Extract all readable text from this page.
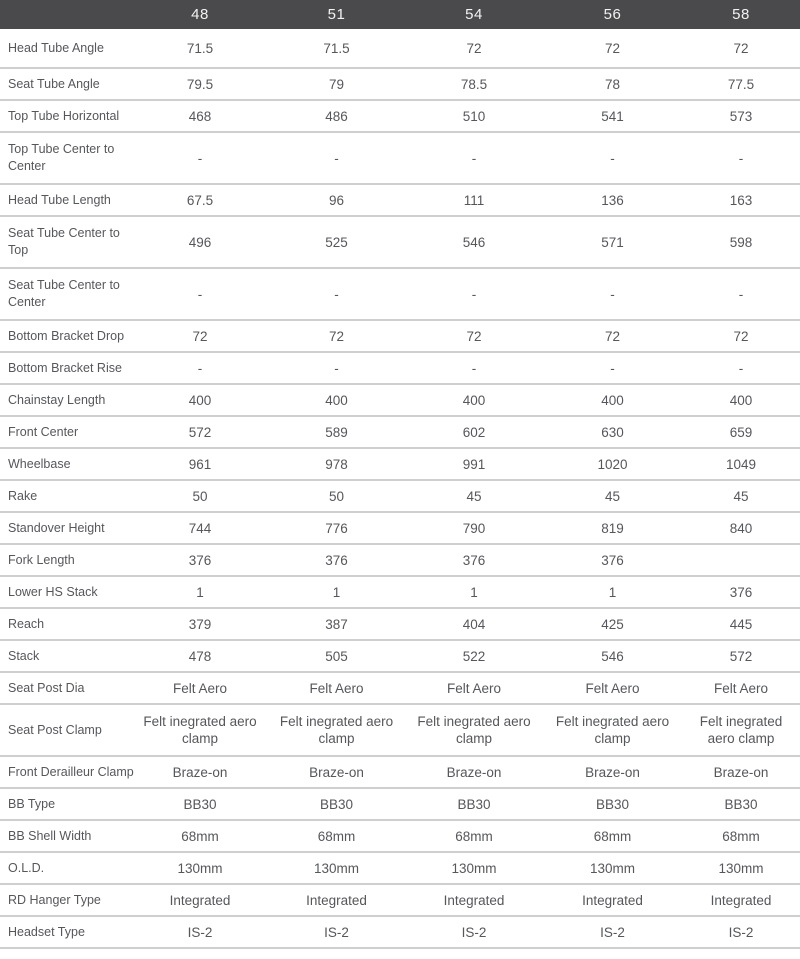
	48	51	54	56	58
Head Tube Angle	71.5	71.5	72	72	72
Seat Tube Angle	79.5	79	78.5	78	77.5
Top Tube Horizontal	468	486	510	541	573
Top Tube Center to Center	-	-	-	-	-
Head Tube Length	67.5	96	111	136	163
Seat Tube Center to Top	496	525	546	571	598
Seat Tube Center to Center	-	-	-	-	-
Bottom Bracket Drop	72	72	72	72	72
Bottom Bracket Rise	-	-	-	-	-
Chainstay Length	400	400	400	400	400
Front Center	572	589	602	630	659
Wheelbase	961	978	991	1020	1049
Rake	50	50	45	45	45
Standover Height	744	776	790	819	840
Fork Length	376	376	376	376	
Lower HS Stack	1	1	1	1	376
Reach	379	387	404	425	445
Stack	478	505	522	546	572
Seat Post Dia	Felt Aero	Felt Aero	Felt Aero	Felt Aero	Felt Aero
Seat Post Clamp	Felt inegrated aero clamp	Felt inegrated aero clamp	Felt inegrated aero clamp	Felt inegrated aero clamp	Felt inegrated aero clamp
Front Derailleur Clamp	Braze-on	Braze-on	Braze-on	Braze-on	Braze-on
BB Type	BB30	BB30	BB30	BB30	BB30
BB Shell Width	68mm	68mm	68mm	68mm	68mm
O.L.D.	130mm	130mm	130mm	130mm	130mm
RD Hanger Type	Integrated	Integrated	Integrated	Integrated	Integrated
Headset Type	IS-2	IS-2	IS-2	IS-2	IS-2
